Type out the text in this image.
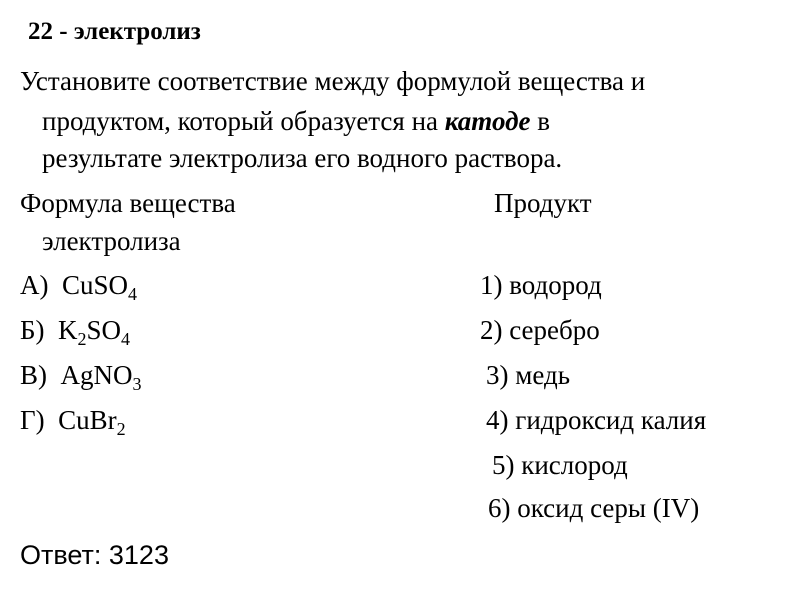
22 - электролиз
Установите соответствие между формулой вещества и
продуктом, который образуется на катоде в
результате электролиза его водного раствора.
Формула вещества	Продукт
электролиза
А) CuSO$_4$
Б) $K_2SO_4$
В) AgNO$_3$
Г) CuBr$_2$
1) водород
2) серебро
3) медь
4) гидроксид калия
5) кислород
6) оксид серы (IV)
Ответ: 3123
